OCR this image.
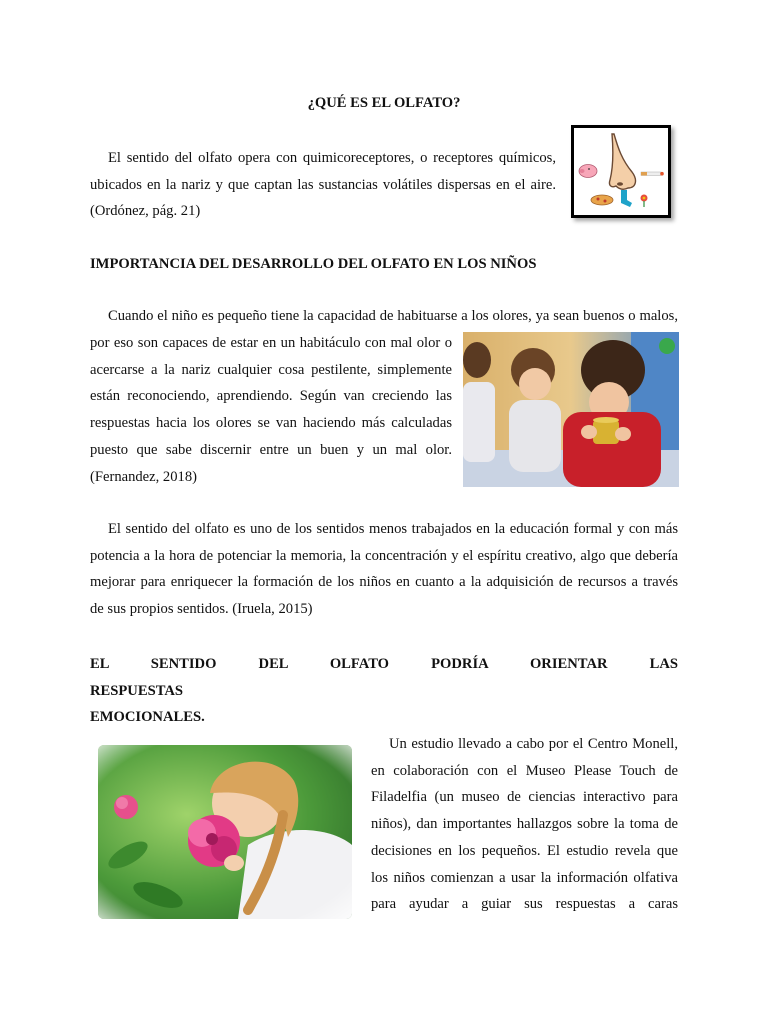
¿QUÉ ES EL OLFATO?
El sentido del olfato opera con quimicoreceptores, o receptores químicos,
ubicados en la nariz y que captan las sustancias volátiles dispersas en el aire.
(Ordónez, pág. 21)
IMPORTANCIA DEL DESARROLLO DEL OLFATO EN LOS NIÑOS
Cuando el niño es pequeño tiene la capacidad de habituarse a los olores, ya sean buenos o malos,
por eso son capaces de estar en un habitáculo con mal olor o
acercarse a la nariz cualquier cosa pestilente, simplemente
están reconociendo, aprendiendo. Según van creciendo las
respuestas hacia los olores se van haciendo más calculadas
puesto que sabe discernir entre un buen y un mal olor.
(Fernandez, 2018)
El sentido del olfato es uno de los sentidos menos trabajados en la educación formal y con más
potencia a la hora de potenciar la memoria, la concentración y el espíritu creativo, algo que debería
mejorar para enriquecer la formación de los niños en cuanto a la adquisición de recursos a través
de sus propios sentidos. (Iruela, 2015)
EL SENTIDO DEL OLFATO PODRÍA ORIENTAR LAS RESPUESTAS
EMOCIONALES.
Un estudio llevado a cabo por el Centro Monell,
en colaboración con el Museo Please Touch de
Filadelfia (un museo de ciencias interactivo para
niños), dan importantes hallazgos sobre la toma de
decisiones en los pequeños. El estudio revela que
los niños comienzan a usar la información olfativa
para ayudar a guiar sus respuestas a caras
